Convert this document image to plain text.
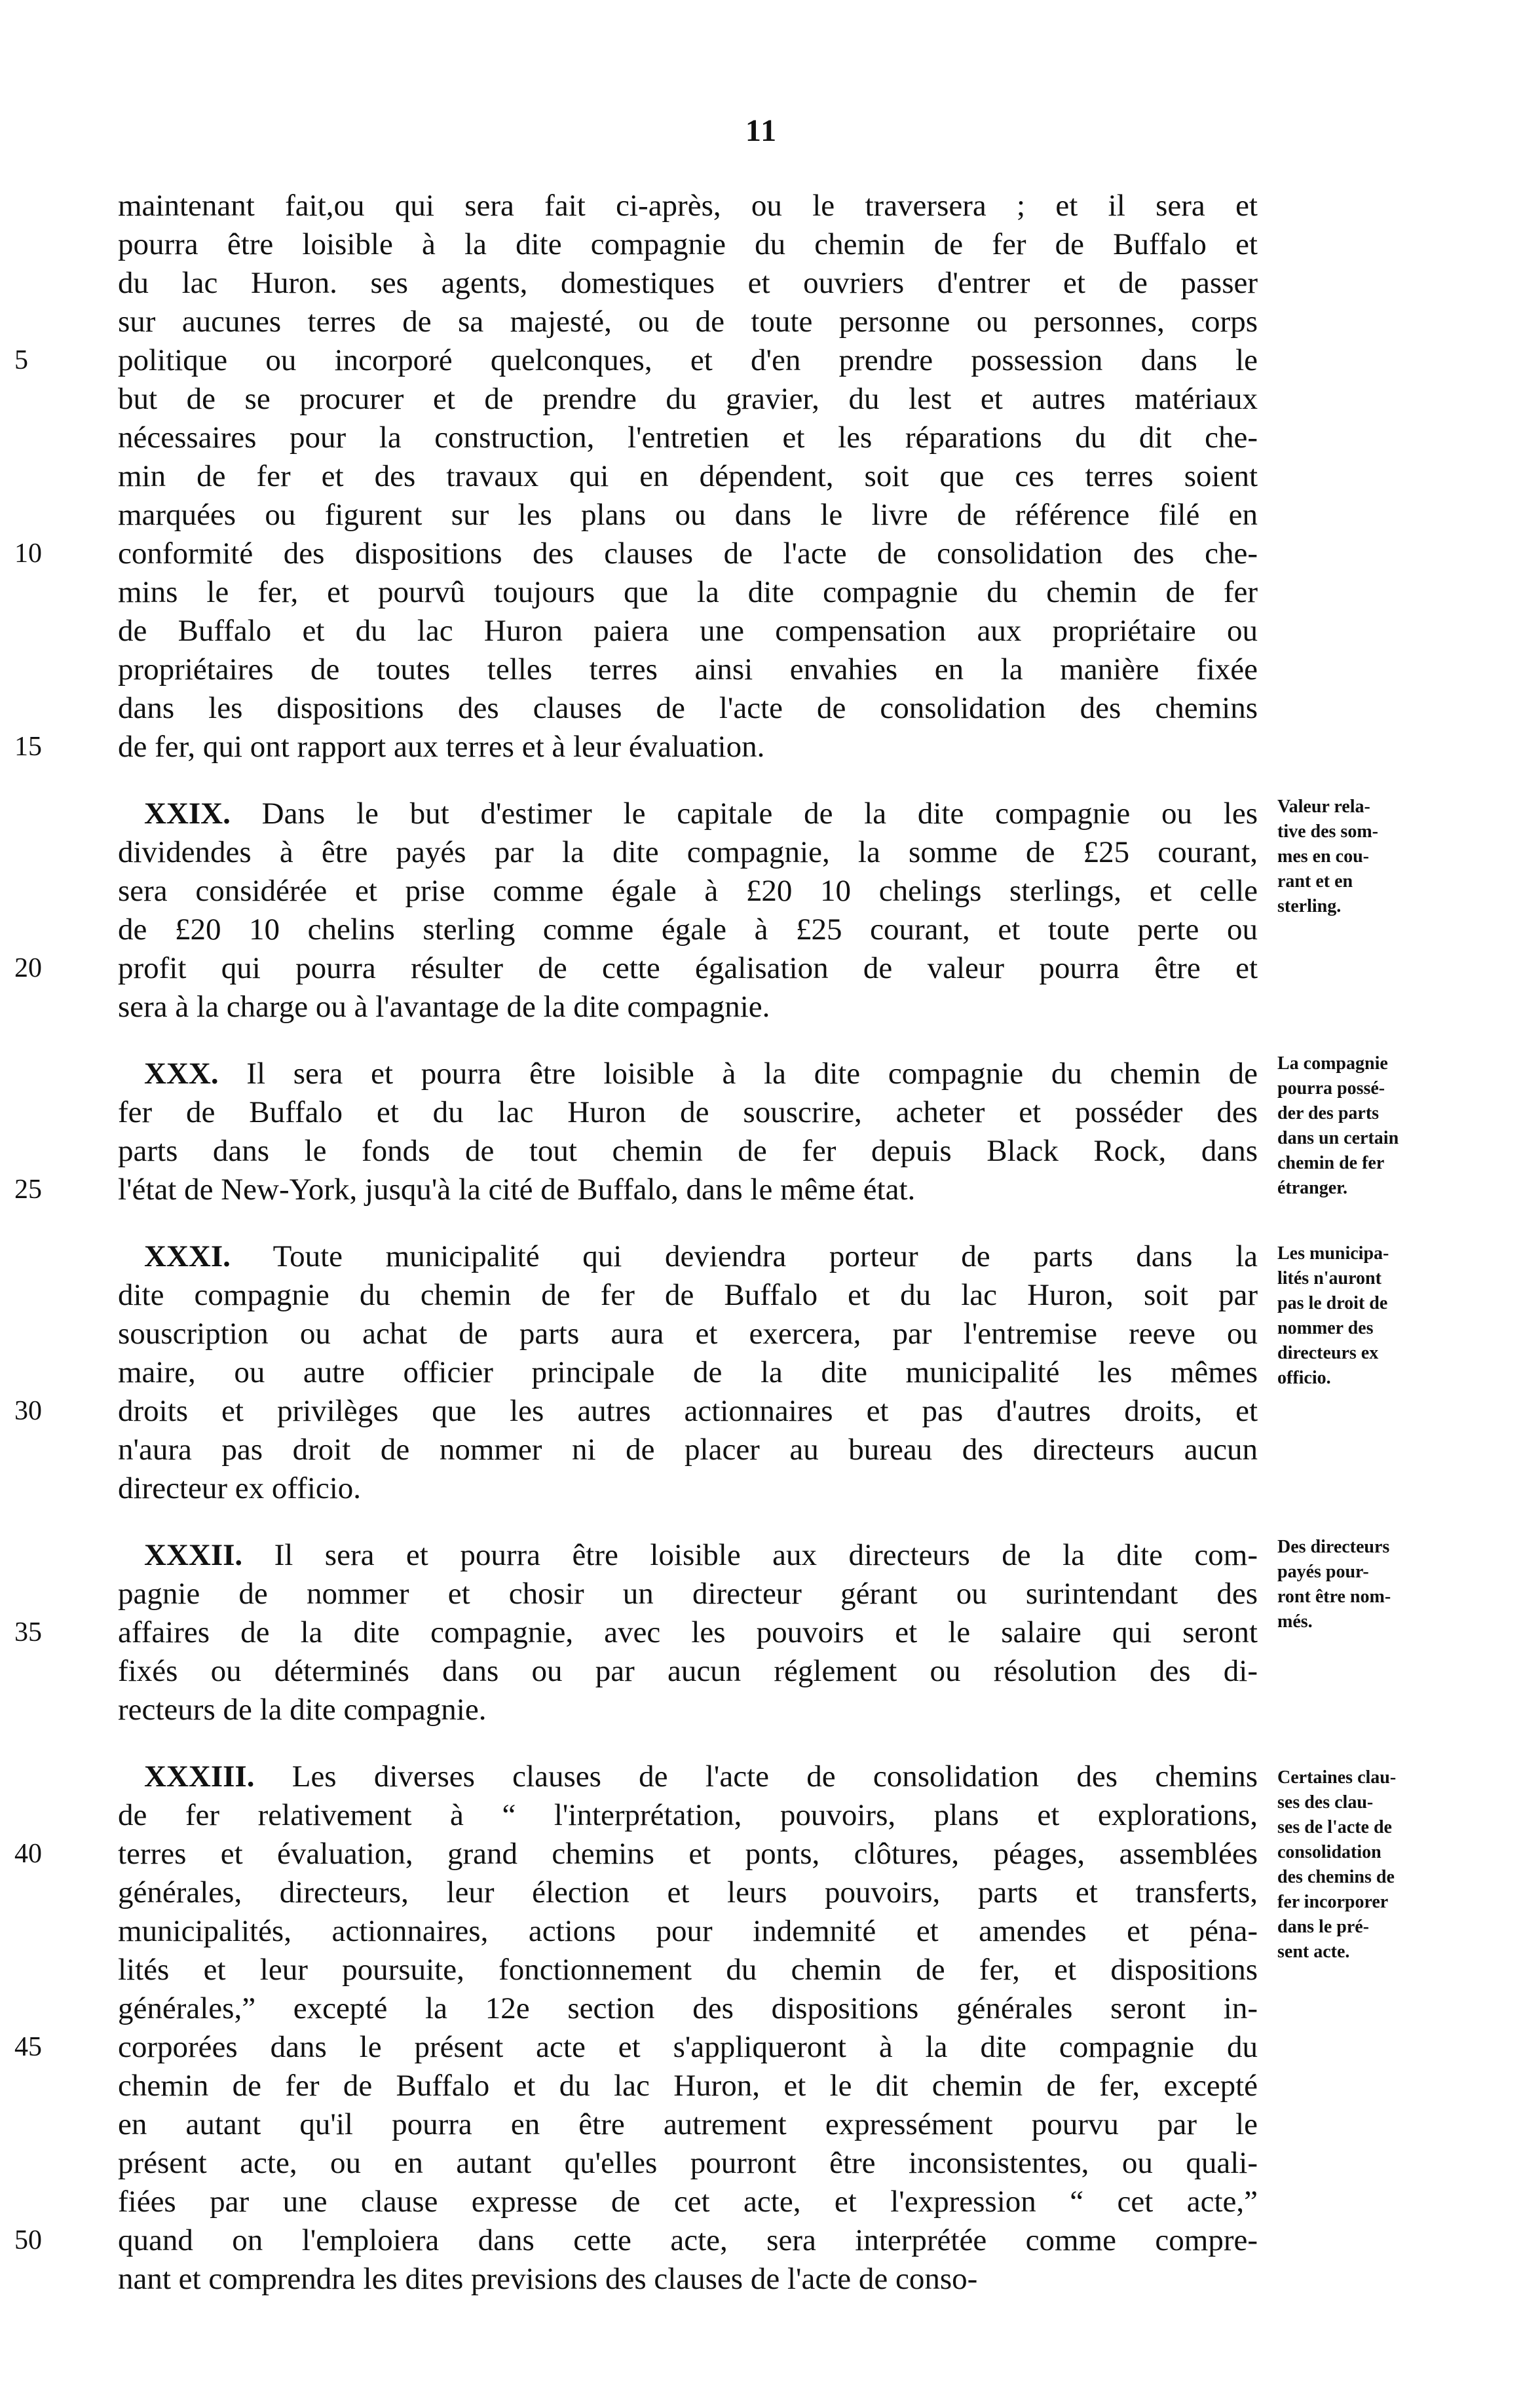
11
maintenant fait,ou qui sera fait ci-après, ou le traversera ; et il sera et
pourra être loisible à la dite compagnie du chemin de fer de Buffalo et
du lac Huron. ses agents, domestiques et ouvriers d'entrer et de passer
sur aucunes terres de sa majesté, ou de toute personne ou personnes, corps
5	politique ou incorporé quelconques, et d'en prendre possession dans le
but de se procurer et de prendre du gravier, du lest et autres matériaux
nécessaires pour la construction, l'entretien et les réparations du dit che-
min de fer et des travaux qui en dépendent, soit que ces terres soient
marquées ou figurent sur les plans ou dans le livre de référence filé en
10	conformité des dispositions des clauses de l'acte de consolidation des che-
mins le fer, et pourvû toujours que la dite compagnie du chemin de fer
de Buffalo et du lac Huron paiera une compensation aux propriétaire ou
propriétaires de toutes telles terres ainsi envahies en la manière fixée
dans les dispositions des clauses de l'acte de consolidation des chemins
15	de fer, qui ont rapport aux terres et à leur évaluation.
XXIX. Dans le but d'estimer le capitale de la dite compagnie ou les
dividendes à être payés par la dite compagnie, la somme de £25 courant,
sera considérée et prise comme égale à £20 10 chelings sterlings, et celle
de £20 10 chelins sterling comme égale à £25 courant, et toute perte ou
20	profit qui pourra résulter de cette égalisation de valeur pourra être et
sera à la charge ou à l'avantage de la dite compagnie.
XXX. Il sera et pourra être loisible à la dite compagnie du chemin de
fer de Buffalo et du lac Huron de souscrire, acheter et posséder des
parts dans le fonds de tout chemin de fer depuis Black Rock, dans
25	l'état de New-York, jusqu'à la cité de Buffalo, dans le même état.
XXXI. Toute municipalité qui deviendra porteur de parts dans la
dite compagnie du chemin de fer de Buffalo et du lac Huron, soit par
souscription ou achat de parts aura et exercera, par l'entremise reeve ou
maire, ou autre officier principale de la dite municipalité les mêmes
30	droits et privilèges que les autres actionnaires et pas d'autres droits, et
n'aura pas droit de nommer ni de placer au bureau des directeurs aucun
directeur ex officio.
XXXII. Il sera et pourra être loisible aux directeurs de la dite com-
pagnie de nommer et chosir un directeur gérant ou surintendant des
35	affaires de la dite compagnie, avec les pouvoirs et le salaire qui seront
fixés ou déterminés dans ou par aucun réglement ou résolution des di-
recteurs de la dite compagnie.
XXXIII. Les diverses clauses de l'acte de consolidation des chemins
de fer relativement à “ l'interprétation, pouvoirs, plans et explorations,
40	terres et évaluation, grand chemins et ponts, clôtures, péages, assemblées
générales, directeurs, leur élection et leurs pouvoirs, parts et transferts,
municipalités, actionnaires, actions pour indemnité et amendes et péna-
lités et leur poursuite, fonctionnement du chemin de fer, et dispositions
générales,” excepté la 12e section des dispositions générales seront in-
45	corporées dans le présent acte et s'appliqueront à la dite compagnie du
chemin de fer de Buffalo et du lac Huron, et le dit chemin de fer, excepté
en autant qu'il pourra en être autrement expressément pourvu par le
présent acte, ou en autant qu'elles pourront être inconsistentes, ou quali-
fiées par une clause expresse de cet acte, et l'expression “ cet acte,”
50	quand on l'emploiera dans cette acte, sera interprétée comme compre-
nant et comprendra les dites previsions des clauses de l'acte de conso-
Valeur rela-
tive des som-
mes en cou-
rant et en
sterling.
La compagnie
pourra possé-
der des parts
dans un certain
chemin de fer
étranger.
Les municipa-
lités n'auront
pas le droit de
nommer des
directeurs ex
officio.
Des directeurs
payés pour-
ront être nom-
més.
Certaines clau-
ses des clau-
ses de l'acte de
consolidation
des chemins de
fer incorporer
dans le pré-
sent acte.
